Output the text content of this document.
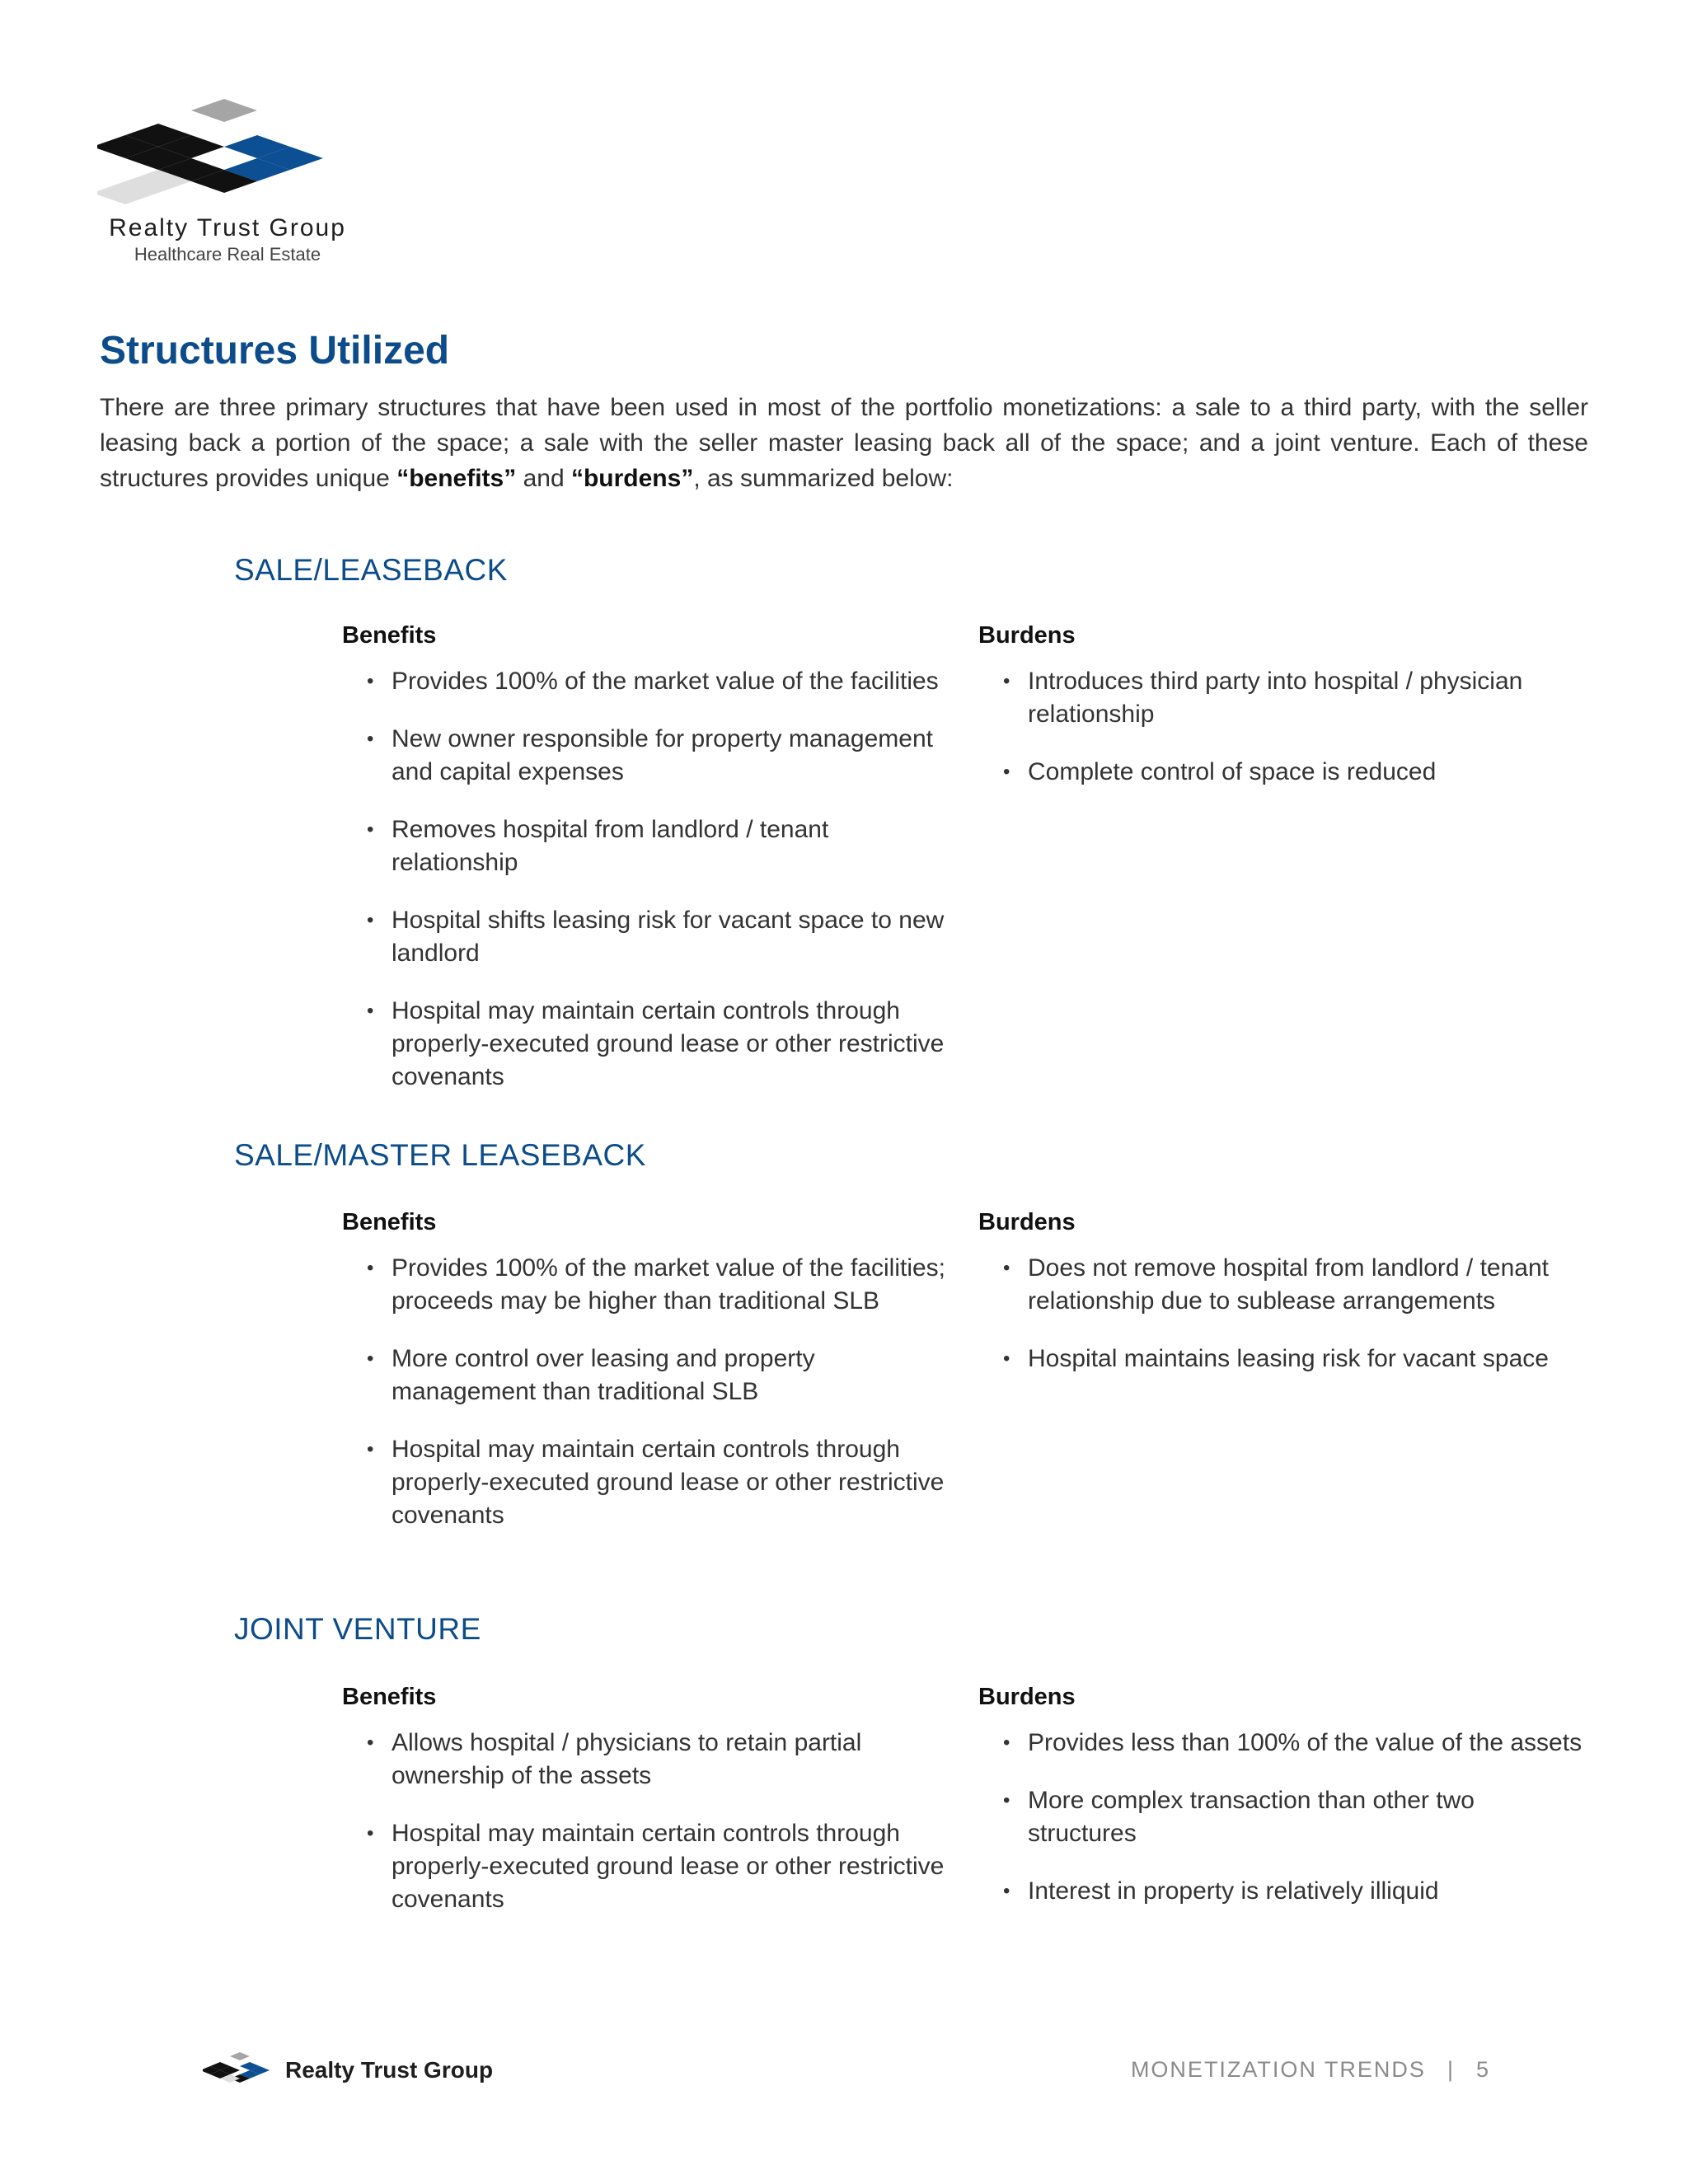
Realty Trust Group
Healthcare Real Estate
Structures Utilized

There are three primary structures that have been used in most of the portfolio monetizations: a sale to a third party, with the seller leasing back a portion of the space; a sale with the seller master leasing back all of the space; and a joint venture. Each of these structures provides unique “benefits” and “burdens”, as summarized below:

SALE/LEASEBACK
Benefits	Burdens
• Provides 100% of the market value of the facilities
• New owner responsible for property management and capital expenses
• Removes hospital from landlord / tenant relationship
• Hospital shifts leasing risk for vacant space to new landlord
• Hospital may maintain certain controls through properly-executed ground lease or other restrictive covenants
• Introduces third party into hospital / physician relationship
• Complete control of space is reduced
SALE/MASTER LEASEBACK
Benefits	Burdens
• Provides 100% of the market value of the facilities; proceeds may be higher than traditional SLB
• More control over leasing and property management than traditional SLB
• Hospital may maintain certain controls through properly-executed ground lease or other restrictive covenants
• Does not remove hospital from landlord / tenant relationship due to sublease arrangements
• Hospital maintains leasing risk for vacant space
JOINT VENTURE
Benefits	Burdens
• Allows hospital / physicians to retain partial ownership of the assets
• Hospital may maintain certain controls through properly-executed ground lease or other restrictive covenants
• Provides less than 100% of the value of the assets
• More complex transaction than other two structures
• Interest in property is relatively illiquid
Realty Trust Group	MONETIZATION TRENDS | 5
